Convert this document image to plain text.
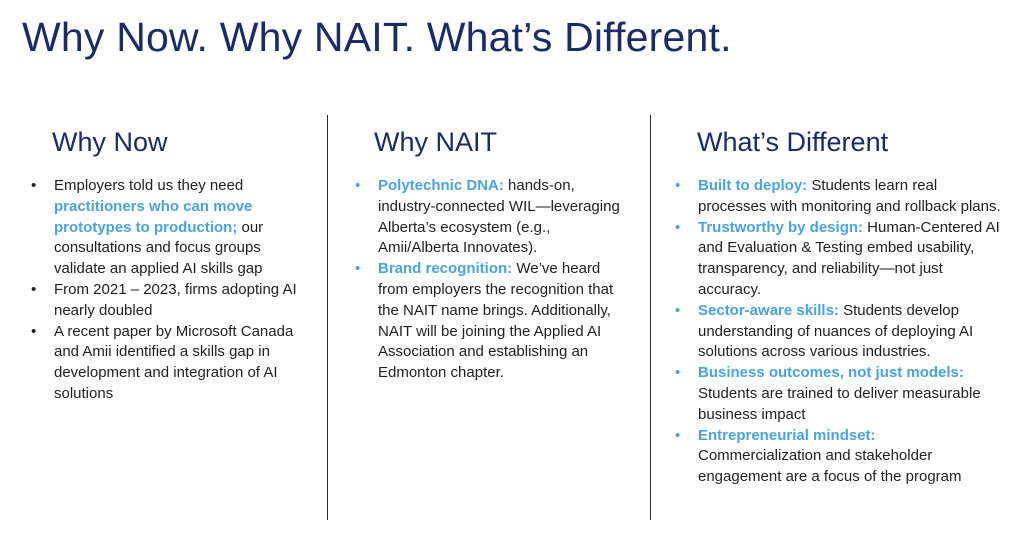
Why Now. Why NAIT. What’s Different.
Why Now
• Employers told us they need practitioners who can move prototypes to production; our consultations and focus groups validate an applied AI skills gap
• From 2021 – 2023, firms adopting AI nearly doubled
• A recent paper by Microsoft Canada and Amii identified a skills gap in development and integration of AI solutions
Why NAIT
• Polytechnic DNA: hands-on, industry-connected WIL—leveraging Alberta’s ecosystem (e.g., Amii/Alberta Innovates).
• Brand recognition: We’ve heard from employers the recognition that the NAIT name brings. Additionally, NAIT will be joining the Applied AI Association and establishing an Edmonton chapter.
What’s Different
• Built to deploy: Students learn real processes with monitoring and rollback plans.
• Trustworthy by design: Human-Centered AI and Evaluation & Testing embed usability, transparency, and reliability—not just accuracy.
• Sector-aware skills: Students develop understanding of nuances of deploying AI solutions across various industries.
• Business outcomes, not just models: Students are trained to deliver measurable business impact
• Entrepreneurial mindset: Commercialization and stakeholder engagement are a focus of the program
